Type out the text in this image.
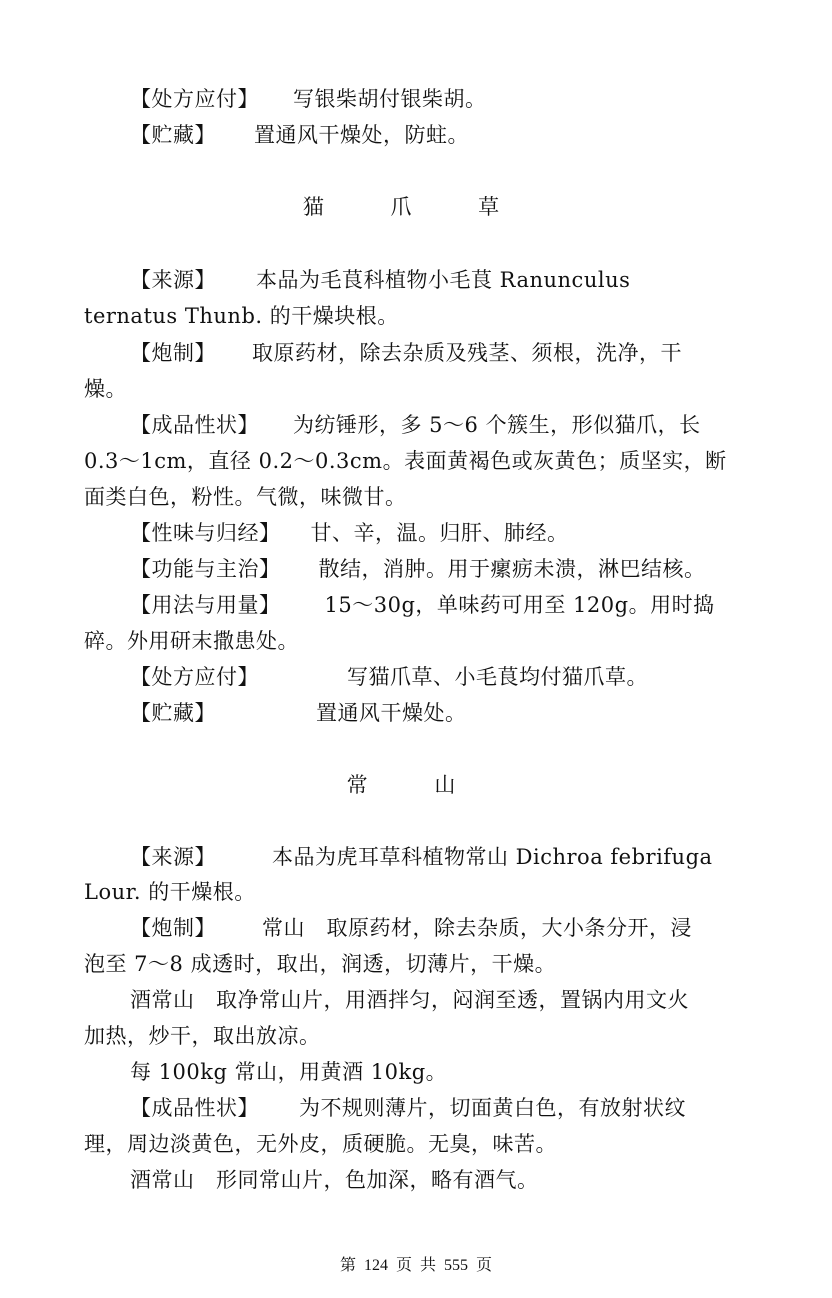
【处方应付】 写银柴胡付银柴胡。
【贮藏】 置通风干燥处，防蛀。
猫 爪 草
【来源】 本品为毛茛科植物小毛茛 Ranunculus
ternatus Thunb. 的干燥块根。
【炮制】 取原药材，除去杂质及残茎、须根，洗净，干
燥。
【成品性状】 为纺锤形，多 5～6 个簇生，形似猫爪，长
0.3～1cm，直径 0.2～0.3cm。表面黄褐色或灰黄色；质坚实，断
面类白色，粉性。气微，味微甘。
【性味与归经】 甘、辛，温。归肝、肺经。
【功能与主治】 散结，消肿。用于瘰疬未溃，淋巴结核。
【用法与用量】 15～30g，单味药可用至 120g。用时捣
碎。外用研末撒患处。
【处方应付】	写猫爪草、小毛茛均付猫爪草。
【贮藏】	置通风干燥处。
常 山
【来源】	本品为虎耳草科植物常山 Dichroa febrifuga
Lour. 的干燥根。
【炮制】 常山　取原药材，除去杂质，大小条分开，浸
泡至 7～8 成透时，取出，润透，切薄片，干燥。
酒常山　取净常山片，用酒拌匀，闷润至透，置锅内用文火
加热，炒干，取出放凉。
每 100kg 常山，用黄酒 10kg。
【成品性状】 为不规则薄片，切面黄白色，有放射状纹
理，周边淡黄色，无外皮，质硬脆。无臭，味苦。
酒常山　形同常山片，色加深，略有酒气。
第 124 页 共 555 页
